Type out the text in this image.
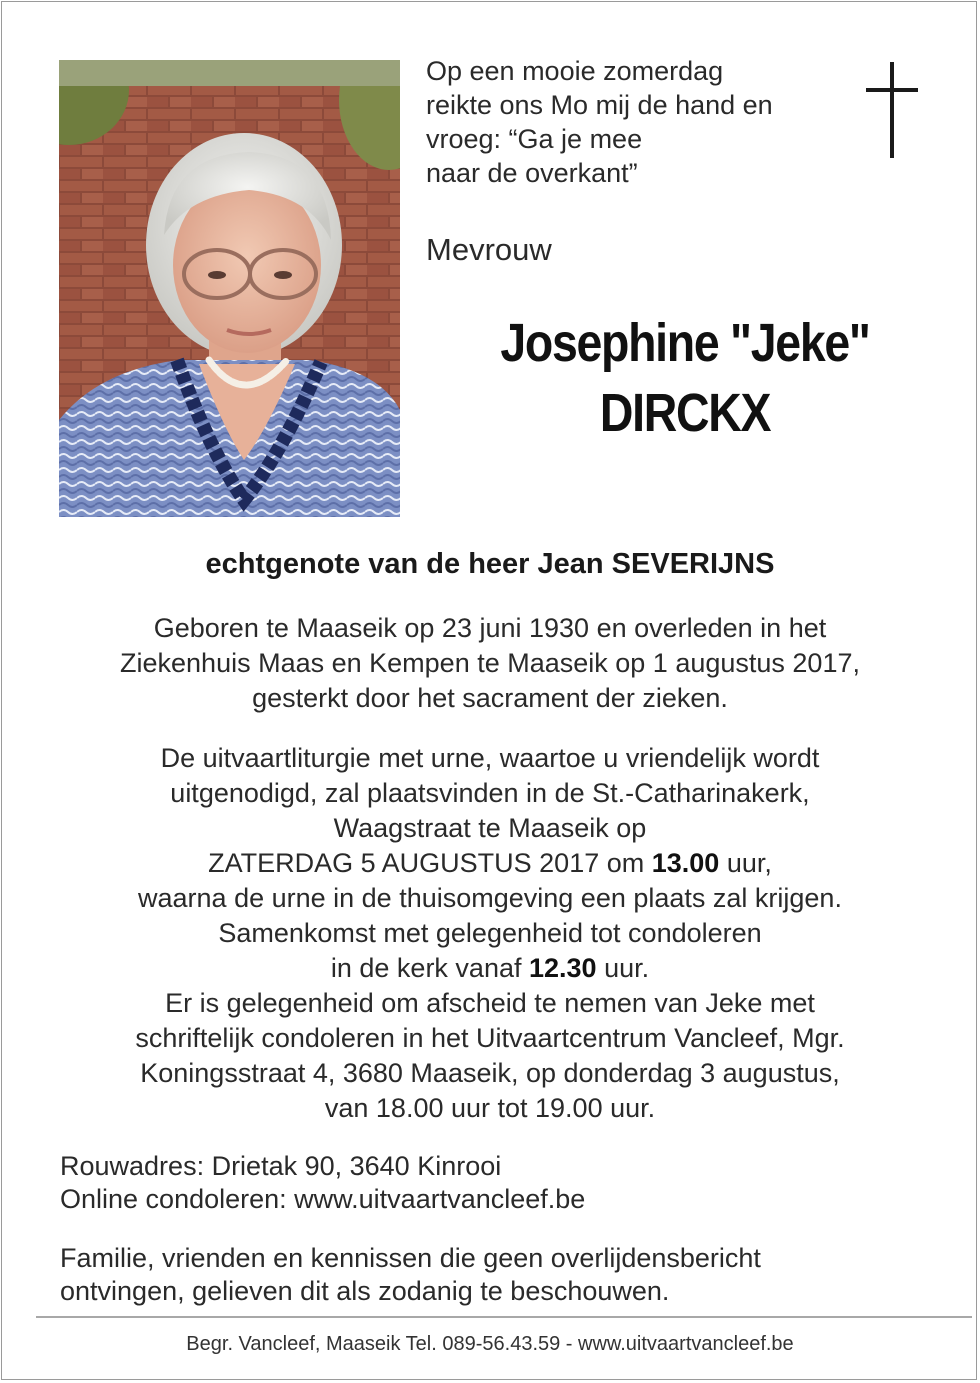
Op een mooie zomerdag
reikte ons Mo mij de hand en
vroeg: “Ga je mee
naar de overkant”
Mevrouw
Josephine "Jeke"
DIRCKX
echtgenote van de heer Jean SEVERIJNS
Geboren te Maaseik op 23 juni 1930 en overleden in het
Ziekenhuis Maas en Kempen te Maaseik op 1 augustus 2017,
gesterkt door het sacrament der zieken.
De uitvaartliturgie met urne, waartoe u vriendelijk wordt
uitgenodigd, zal plaatsvinden in de St.-Catharinakerk,
Waagstraat te Maaseik op
ZATERDAG 5 AUGUSTUS 2017 om 13.00 uur,
waarna de urne in de thuisomgeving een plaats zal krijgen.
Samenkomst met gelegenheid tot condoleren
in de kerk vanaf 12.30 uur.
Er is gelegenheid om afscheid te nemen van Jeke met
schriftelijk condoleren in het Uitvaartcentrum Vancleef, Mgr.
Koningsstraat 4, 3680 Maaseik, op donderdag 3 augustus,
van 18.00 uur tot 19.00 uur.
Rouwadres: Drietak 90, 3640 Kinrooi
Online condoleren: www.uitvaartvancleef.be
Familie, vrienden en kennissen die geen overlijdensbericht
ontvingen, gelieven dit als zodanig te beschouwen.
Begr. Vancleef, Maaseik Tel. 089-56.43.59 - www.uitvaartvancleef.be
